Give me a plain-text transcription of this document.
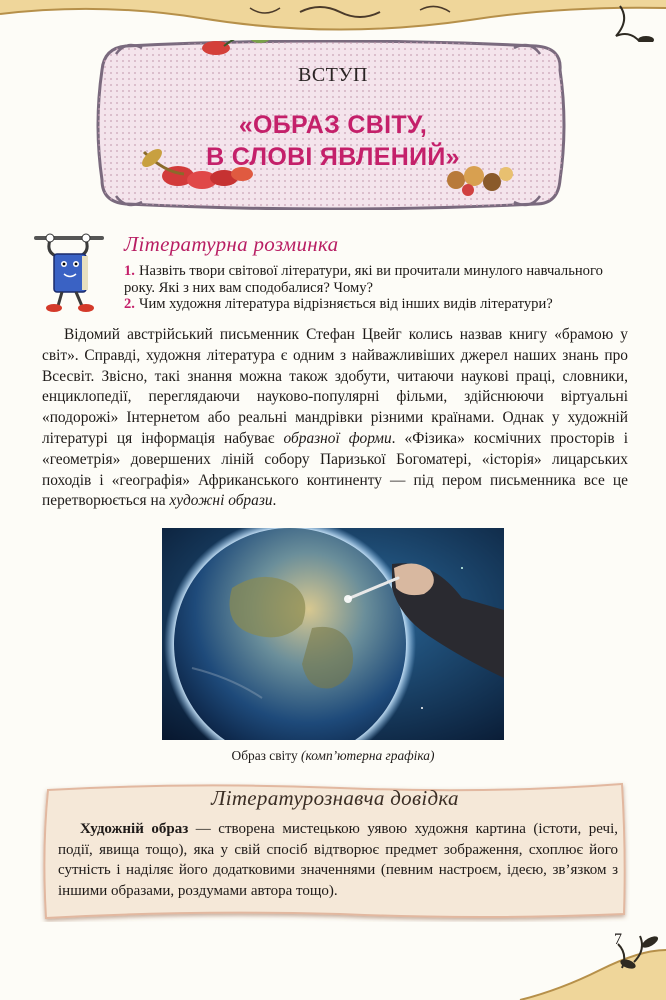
ВСТУП
«ОБРАЗ СВІТУ,
В СЛОВІ ЯВЛЕНИЙ»
Літературна розминка
1. Назвіть твори світової літератури, які ви прочитали минулого навчального року. Які з них вам сподобалися? Чому?
2. Чим художня література відрізняється від інших видів літератури?

Відомий австрійський письменник Стефан Цвейг колись назвав книгу «брамою у світ». Справді, художня література є одним з найважливіших джерел наших знань про Всесвіт. Звісно, такі знання можна також здобути, читаючи наукові праці, словники, енциклопедії, переглядаючи науково-популярні фільми, здійснюючи віртуальні «подорожі» Інтернетом або реальні мандрівки різними країнами. Однак у художній літературі ця інформація набуває образної форми. «Фізика» космічних просторів і «геометрія» довершених ліній собору Паризької Богоматері, «історія» лицарських походів і «географія» Африканського континенту — під пером письменника все це перетворюється на художні образи.

Образ світу (комп’ютерна графіка)
Літературознавча довідка

Художній образ — створена мистецькою уявою художня картина (істоти, речі, події, явища тощо), яка у свій спосіб відтворює предмет зображення, схоплює його сутність і наділяє його додатковими значеннями (певним настроєм, ідеєю, зв’язком з іншими образами, роздумами автора тощо).

7
